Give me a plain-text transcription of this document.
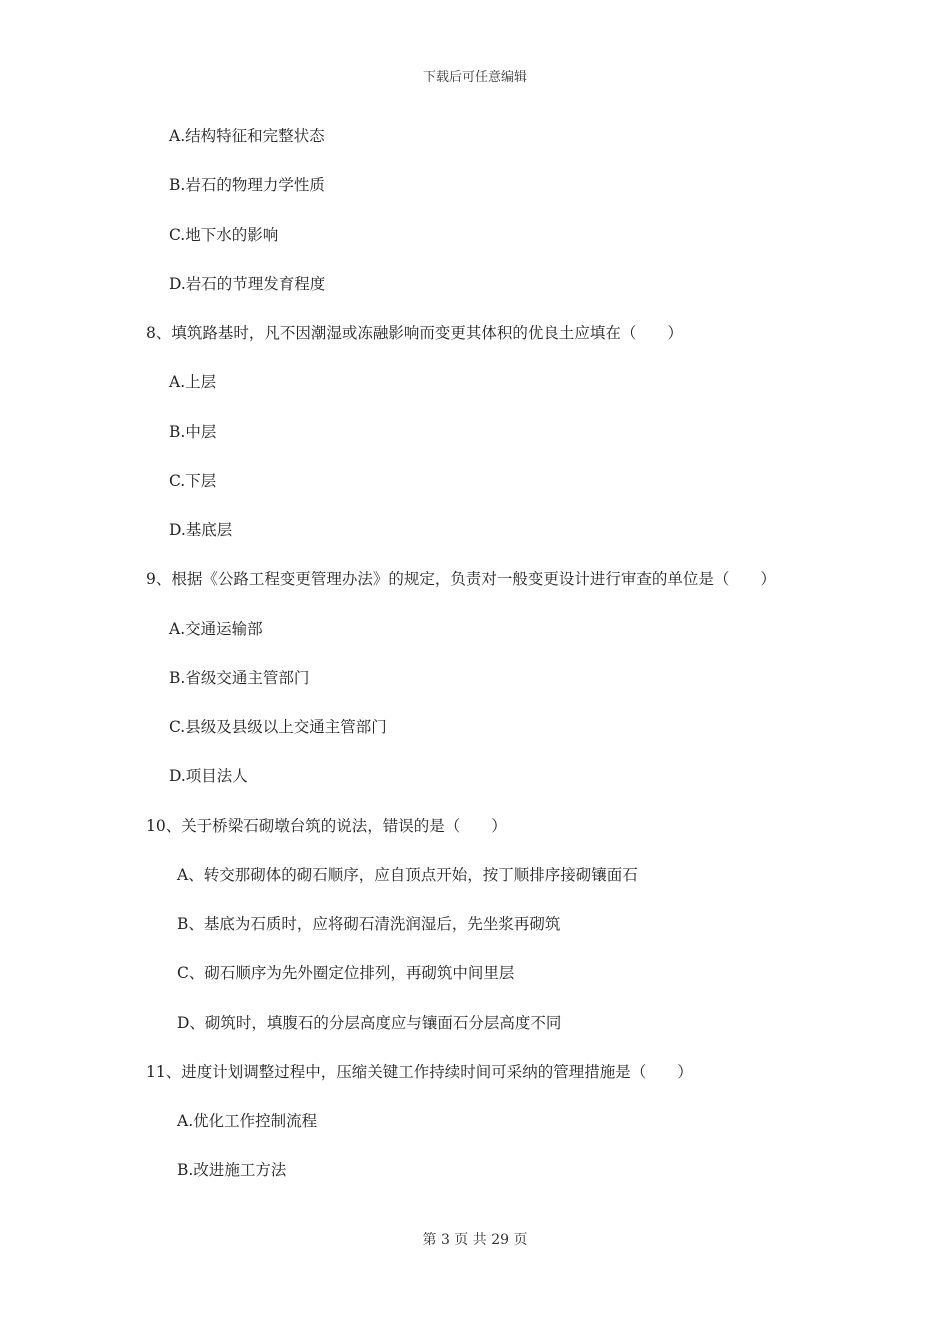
下载后可任意编辑
A.结构特征和完整状态
B.岩石的物理力学性质
C.地下水的影响
D.岩石的节理发育程度
8、填筑路基时，凡不因潮湿或冻融影响而变更其体积的优良土应填在（　　）
A.上层
B.中层
C.下层
D.基底层
9、根据《公路工程变更管理办法》的规定，负责对一般变更设计进行审查的单位是（　　）
A.交通运输部
B.省级交通主管部门
C.县级及县级以上交通主管部门
D.项目法人
10、关于桥梁石砌墩台筑的说法，错误的是（　　）
A、转交那砌体的砌石顺序，应自顶点开始，按丁顺排序接砌镶面石
B、基底为石质时，应将砌石清洗润湿后，先坐浆再砌筑
C、砌石顺序为先外圈定位排列，再砌筑中间里层
D、砌筑时，填腹石的分层高度应与镶面石分层高度不同
11、进度计划调整过程中，压缩关键工作持续时间可采纳的管理措施是（　　）
A.优化工作控制流程
B.改进施工方法
第 3 页 共 29 页
